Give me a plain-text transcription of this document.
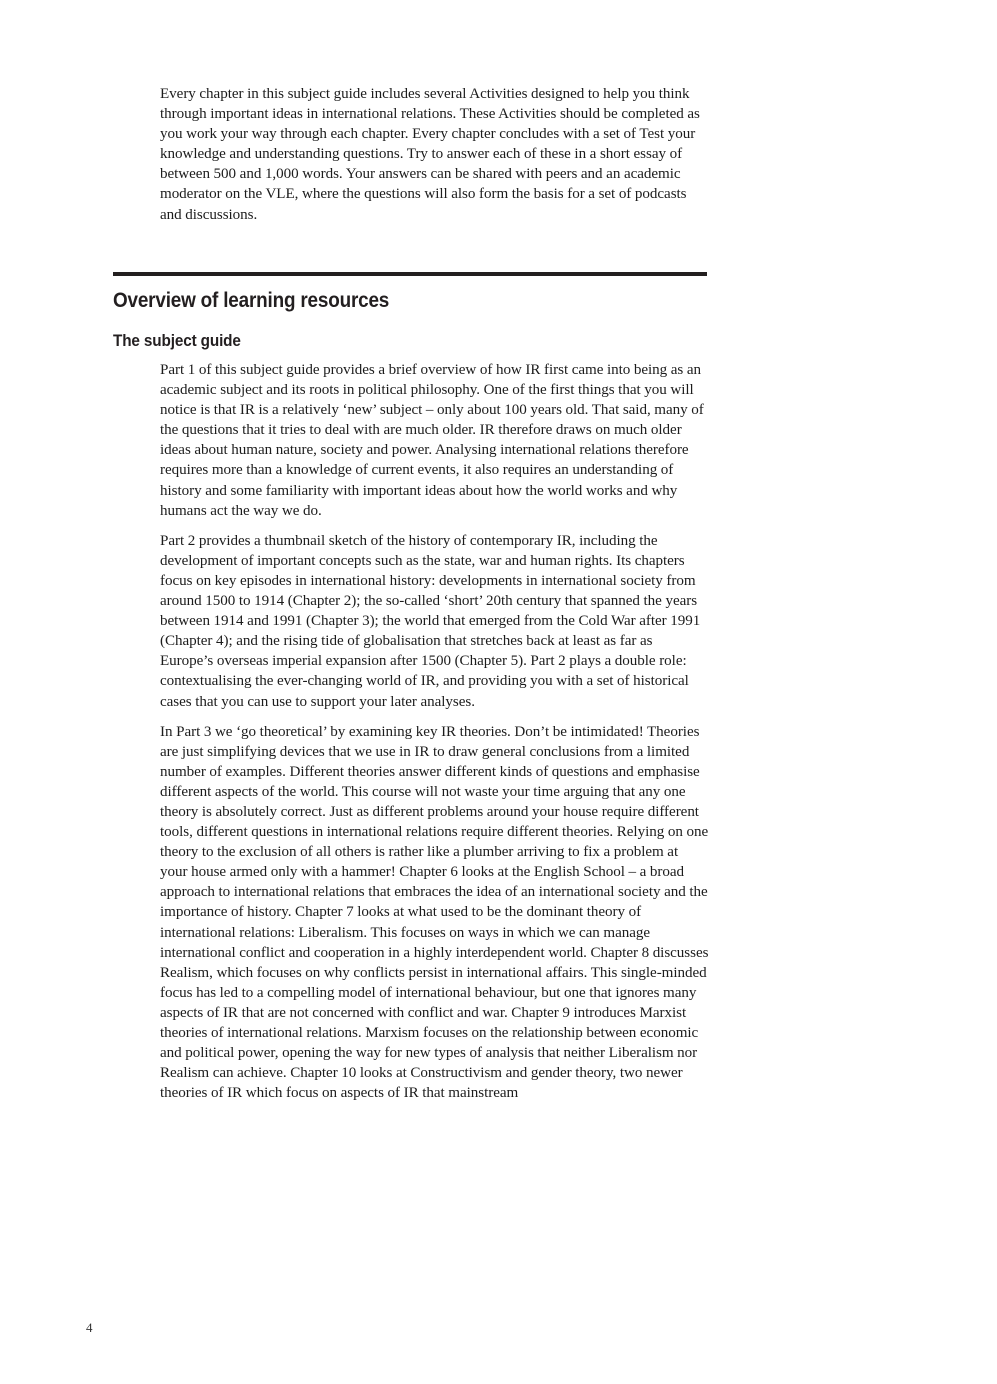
Every chapter in this subject guide includes several Activities designed to help you think through important ideas in international relations. These Activities should be completed as you work your way through each chapter. Every chapter concludes with a set of Test your knowledge and understanding questions. Try to answer each of these in a short essay of between 500 and 1,000 words. Your answers can be shared with peers and an academic moderator on the VLE, where the questions will also form the basis for a set of podcasts and discussions.

Overview of learning resources
The subject guide

Part 1 of this subject guide provides a brief overview of how IR first came into being as an academic subject and its roots in political philosophy. One of the first things that you will notice is that IR is a relatively ‘new’ subject – only about 100 years old. That said, many of the questions that it tries to deal with are much older. IR therefore draws on much older ideas about human nature, society and power. Analysing international relations therefore requires more than a knowledge of current events, it also requires an understanding of history and some familiarity with important ideas about how the world works and why humans act the way we do.

Part 2 provides a thumbnail sketch of the history of contemporary IR, including the development of important concepts such as the state, war and human rights. Its chapters focus on key episodes in international history: developments in international society from around 1500 to 1914 (Chapter 2); the so-called ‘short’ 20th century that spanned the years between 1914 and 1991 (Chapter 3); the world that emerged from the Cold War after 1991 (Chapter 4); and the rising tide of globalisation that stretches back at least as far as Europe’s overseas imperial expansion after 1500 (Chapter 5). Part 2 plays a double role: contextualising the ever-changing world of IR, and providing you with a set of historical cases that you can use to support your later analyses.

In Part 3 we ‘go theoretical’ by examining key IR theories. Don’t be intimidated! Theories are just simplifying devices that we use in IR to draw general conclusions from a limited number of examples. Different theories answer different kinds of questions and emphasise different aspects of the world. This course will not waste your time arguing that any one theory is absolutely correct. Just as different problems around your house require different tools, different questions in international relations require different theories. Relying on one theory to the exclusion of all others is rather like a plumber arriving to fix a problem at your house armed only with a hammer! Chapter 6 looks at the English School – a broad approach to international relations that embraces the idea of an international society and the importance of history. Chapter 7 looks at what used to be the dominant theory of international relations: Liberalism. This focuses on ways in which we can manage international conflict and cooperation in a highly interdependent world. Chapter 8 discusses Realism, which focuses on why conflicts persist in international affairs. This single-minded focus has led to a compelling model of international behaviour, but one that ignores many aspects of IR that are not concerned with conflict and war. Chapter 9 introduces Marxist theories of international relations. Marxism focuses on the relationship between economic and political power, opening the way for new types of analysis that neither Liberalism nor Realism can achieve. Chapter 10 looks at Constructivism and gender theory, two newer theories of IR which focus on aspects of IR that mainstream

4
